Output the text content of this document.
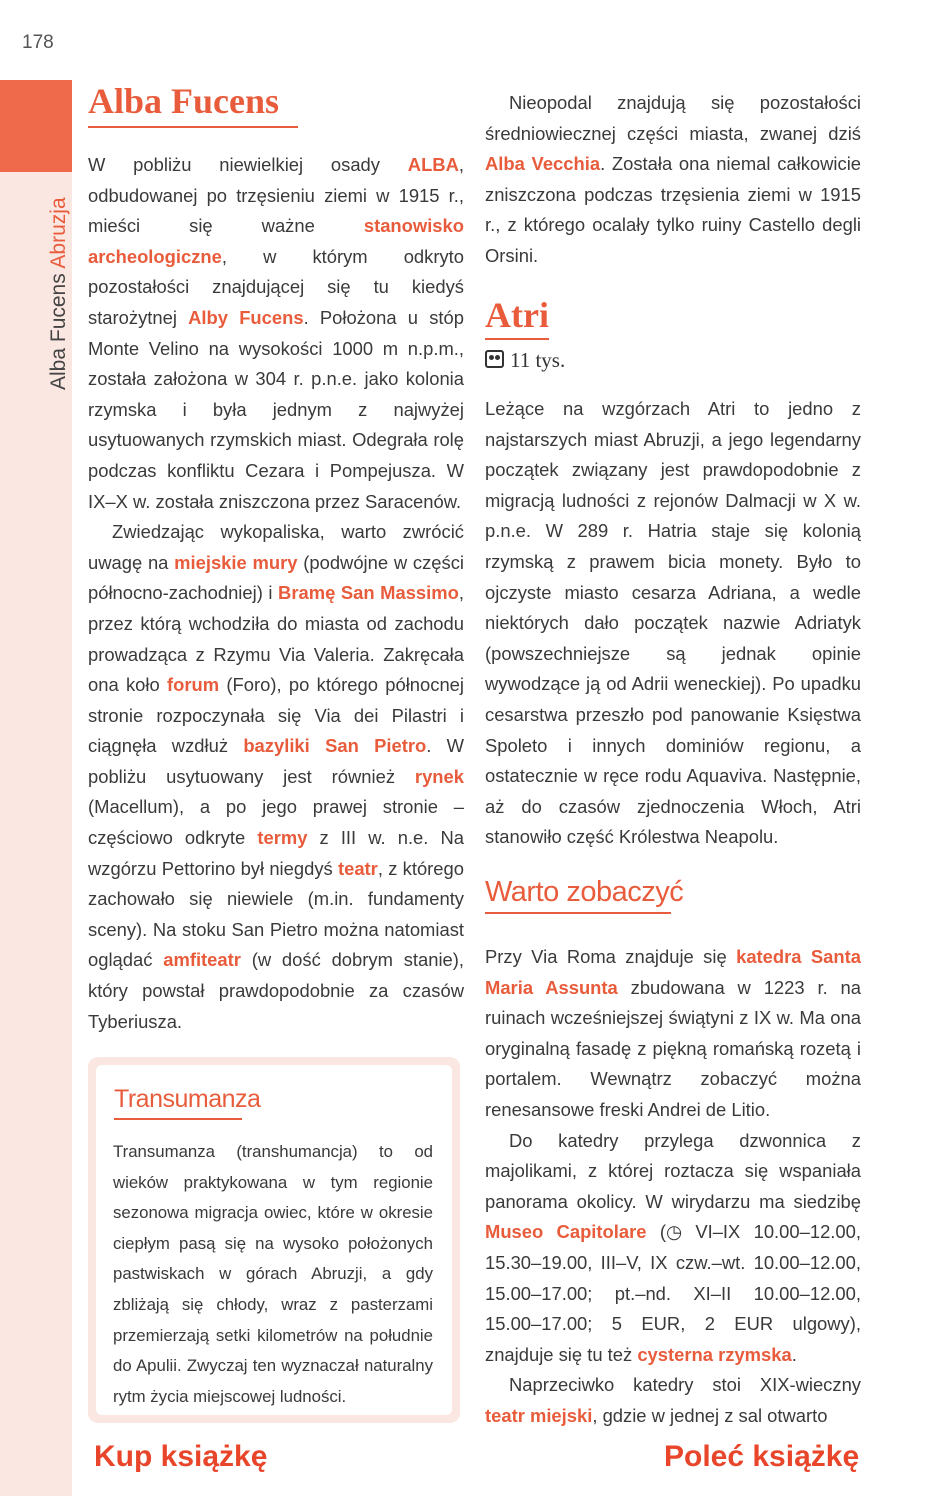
178
Alba Fucens Abruzja
Alba Fucens

W pobliżu niewielkiej osady ALBA, odbudowanej po trzęsieniu ziemi w 1915 r., mieści się ważne stanowisko archeologiczne, w którym odkryto pozostałości znajdującej się tu kiedyś starożytnej Alby Fucens. Położona u stóp Monte Velino na wysokości 1000 m n.p.m., została założona w 304 r. p.n.e. jako kolonia rzymska i była jednym z najwyżej usytuowanych rzymskich miast. Odegrała rolę podczas konfliktu Cezara i Pompejusza. W IX–X w. została zniszczona przez Saracenów.

Zwiedzając wykopaliska, warto zwrócić uwagę na miejskie mury (podwójne w części północno-zachodniej) i Bramę San Massimo, przez którą wchodziła do miasta od zachodu prowadząca z Rzymu Via Valeria. Zakręcała ona koło forum (Foro), po którego północnej stronie rozpoczynała się Via dei Pilastri i ciągnęła wzdłuż bazyliki San Pietro. W pobliżu usytuowany jest również rynek (Macellum), a po jego prawej stronie – częściowo odkryte termy z III w. n.e. Na wzgórzu Pettorino był niegdyś teatr, z którego zachowało się niewiele (m.in. fundamenty sceny). Na stoku San Pietro można natomiast oglądać amfiteatr (w dość dobrym stanie), który powstał prawdopodobnie za czasów Tyberiusza.

Transumanza
Transumanza (transhumancja) to od wieków praktykowana w tym regionie sezonowa migracja owiec, które w okresie ciepłym pasą się na wysoko położonych pastwiskach w górach Abruzji, a gdy zbliżają się chłody, wraz z pasterzami przemierzają setki kilometrów na południe do Apulii. Zwyczaj ten wyznaczał naturalny rytm życia miejscowej ludności.

Nieopodal znajdują się pozostałości średniowiecznej części miasta, zwanej dziś Alba Vecchia. Została ona niemal całkowicie zniszczona podczas trzęsienia ziemi w 1915 r., z którego ocalały tylko ruiny Castello degli Orsini.

Atri
11 tys.

Leżące na wzgórzach Atri to jedno z najstarszych miast Abruzji, a jego legendarny początek związany jest prawdopodobnie z migracją ludności z rejonów Dalmacji w X w. p.n.e. W 289 r. Hatria staje się kolonią rzymską z prawem bicia monety. Było to ojczyste miasto cesarza Adriana, a wedle niektórych dało początek nazwie Adriatyk (powszechniejsze są jednak opinie wywodzące ją od Adrii weneckiej). Po upadku cesarstwa przeszło pod panowanie Księstwa Spoleto i innych dominiów regionu, a ostatecznie w ręce rodu Aquaviva. Następnie, aż do czasów zjednoczenia Włoch, Atri stanowiło część Królestwa Neapolu.

Warto zobaczyć

Przy Via Roma znajduje się katedra Santa Maria Assunta zbudowana w 1223 r. na ruinach wcześniejszej świątyni z IX w. Ma ona oryginalną fasadę z piękną romańską rozetą i portalem. Wewnątrz zobaczyć można renesansowe freski Andrei de Litio.

Do katedry przylega dzwonnica z majolikami, z której roztacza się wspaniała panorama okolicy. W wirydarzu ma siedzibę Museo Capitolare (◷ VI–IX 10.00–12.00, 15.30–19.00, III–V, IX czw.–wt. 10.00–12.00, 15.00–17.00; pt.–nd. XI–II 10.00–12.00, 15.00–17.00; 5 EUR, 2 EUR ulgowy), znajduje się tu też cysterna rzymska.

Naprzeciwko katedry stoi XIX-wieczny teatr miejski, gdzie w jednej z sal otwarto

Kup książkę	Poleć książkę
